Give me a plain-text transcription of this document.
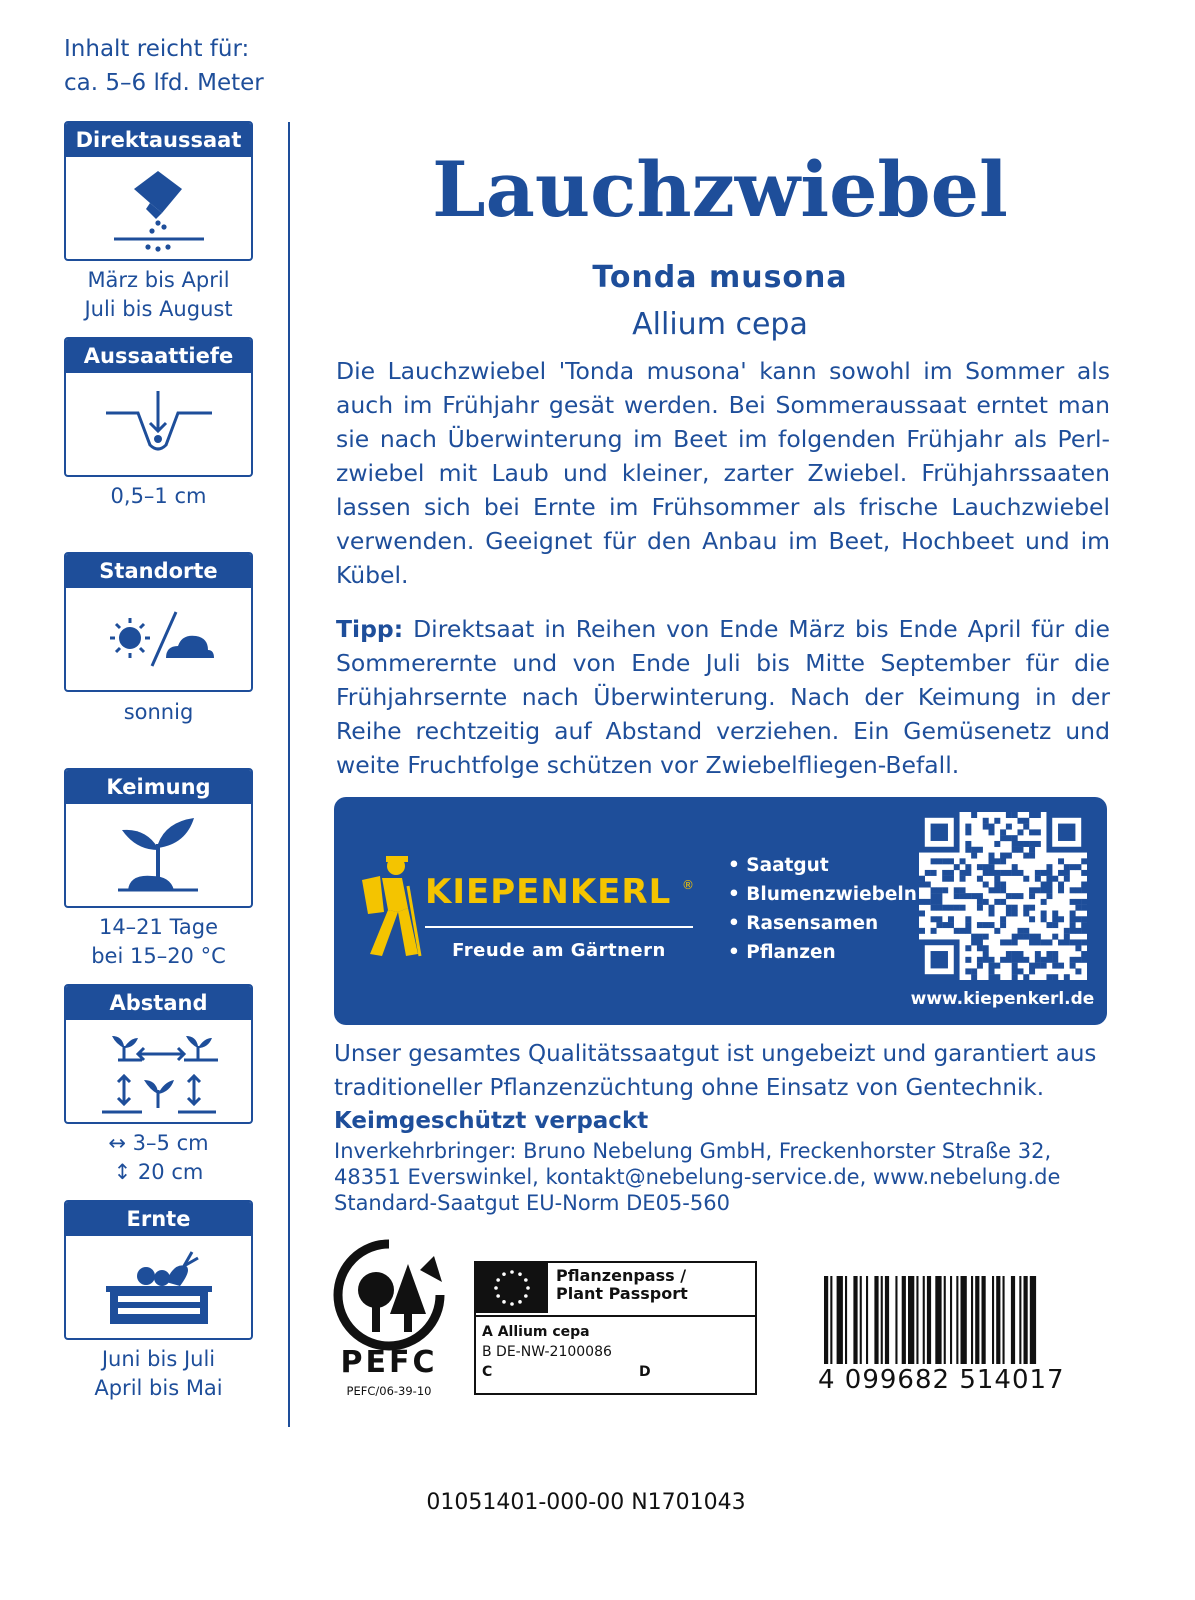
Inhalt reicht für:
ca. 5–6 lfd. Meter
Direktaussaat
März bis April
Juli bis August
Aussaattiefe
0,5–1 cm
Standorte
sonnig
Keimung
14–21 Tage
bei 15–20 °C
Abstand
↔ 3–5 cm
↕ 20 cm
Ernte
Juni bis Juli
April bis Mai
Lauchzwiebel
Tonda musona
Allium cepa
Die Lauchzwiebel 'Tonda musona' kann sowohl im Sommer als auch im Frühjahr gesät werden. Bei Sommeraussaat erntet man sie nach Überwinterung im Beet im folgenden Frühjahr als Perlzwiebel mit Laub und kleiner, zarter Zwiebel. Frühjahrssaaten lassen sich bei Ernte im Frühsommer als frische Lauchzwiebel verwenden. Geeignet für den Anbau im Beet, Hochbeet und im Kübel.
Tipp: Direktsaat in Reihen von Ende März bis Ende April für die Sommerernte und von Ende Juli bis Mitte September für die Frühjahrsernte nach Überwinterung. Nach der Keimung in der Reihe rechtzeitig auf Abstand verziehen. Ein Gemüsenetz und weite Fruchtfolge schützen vor Zwiebelfliegen-Befall.
KIEPENKERL ®
Freude am Gärtnern
• Saatgut
• Blumenzwiebeln
• Rasensamen
• Pflanzen
www.kiepenkerl.de
Unser gesamtes Qualitätssaatgut ist ungebeizt und garantiert aus traditioneller Pflanzenzüchtung ohne Einsatz von Gentechnik.
Keimgeschützt verpackt
Inverkehrbringer: Bruno Nebelung GmbH, Freckenhorster Straße 32,
48351 Everswinkel, kontakt@nebelung-service.de, www.nebelung.de
Standard-Saatgut EU-Norm DE05-560
PEFC
PEFC/06-39-10
Pflanzenpass /
Plant Passport
A Allium cepa
B DE-NW-2100086
C	D	4 099682 514017
01051401-000-00 N1701043
